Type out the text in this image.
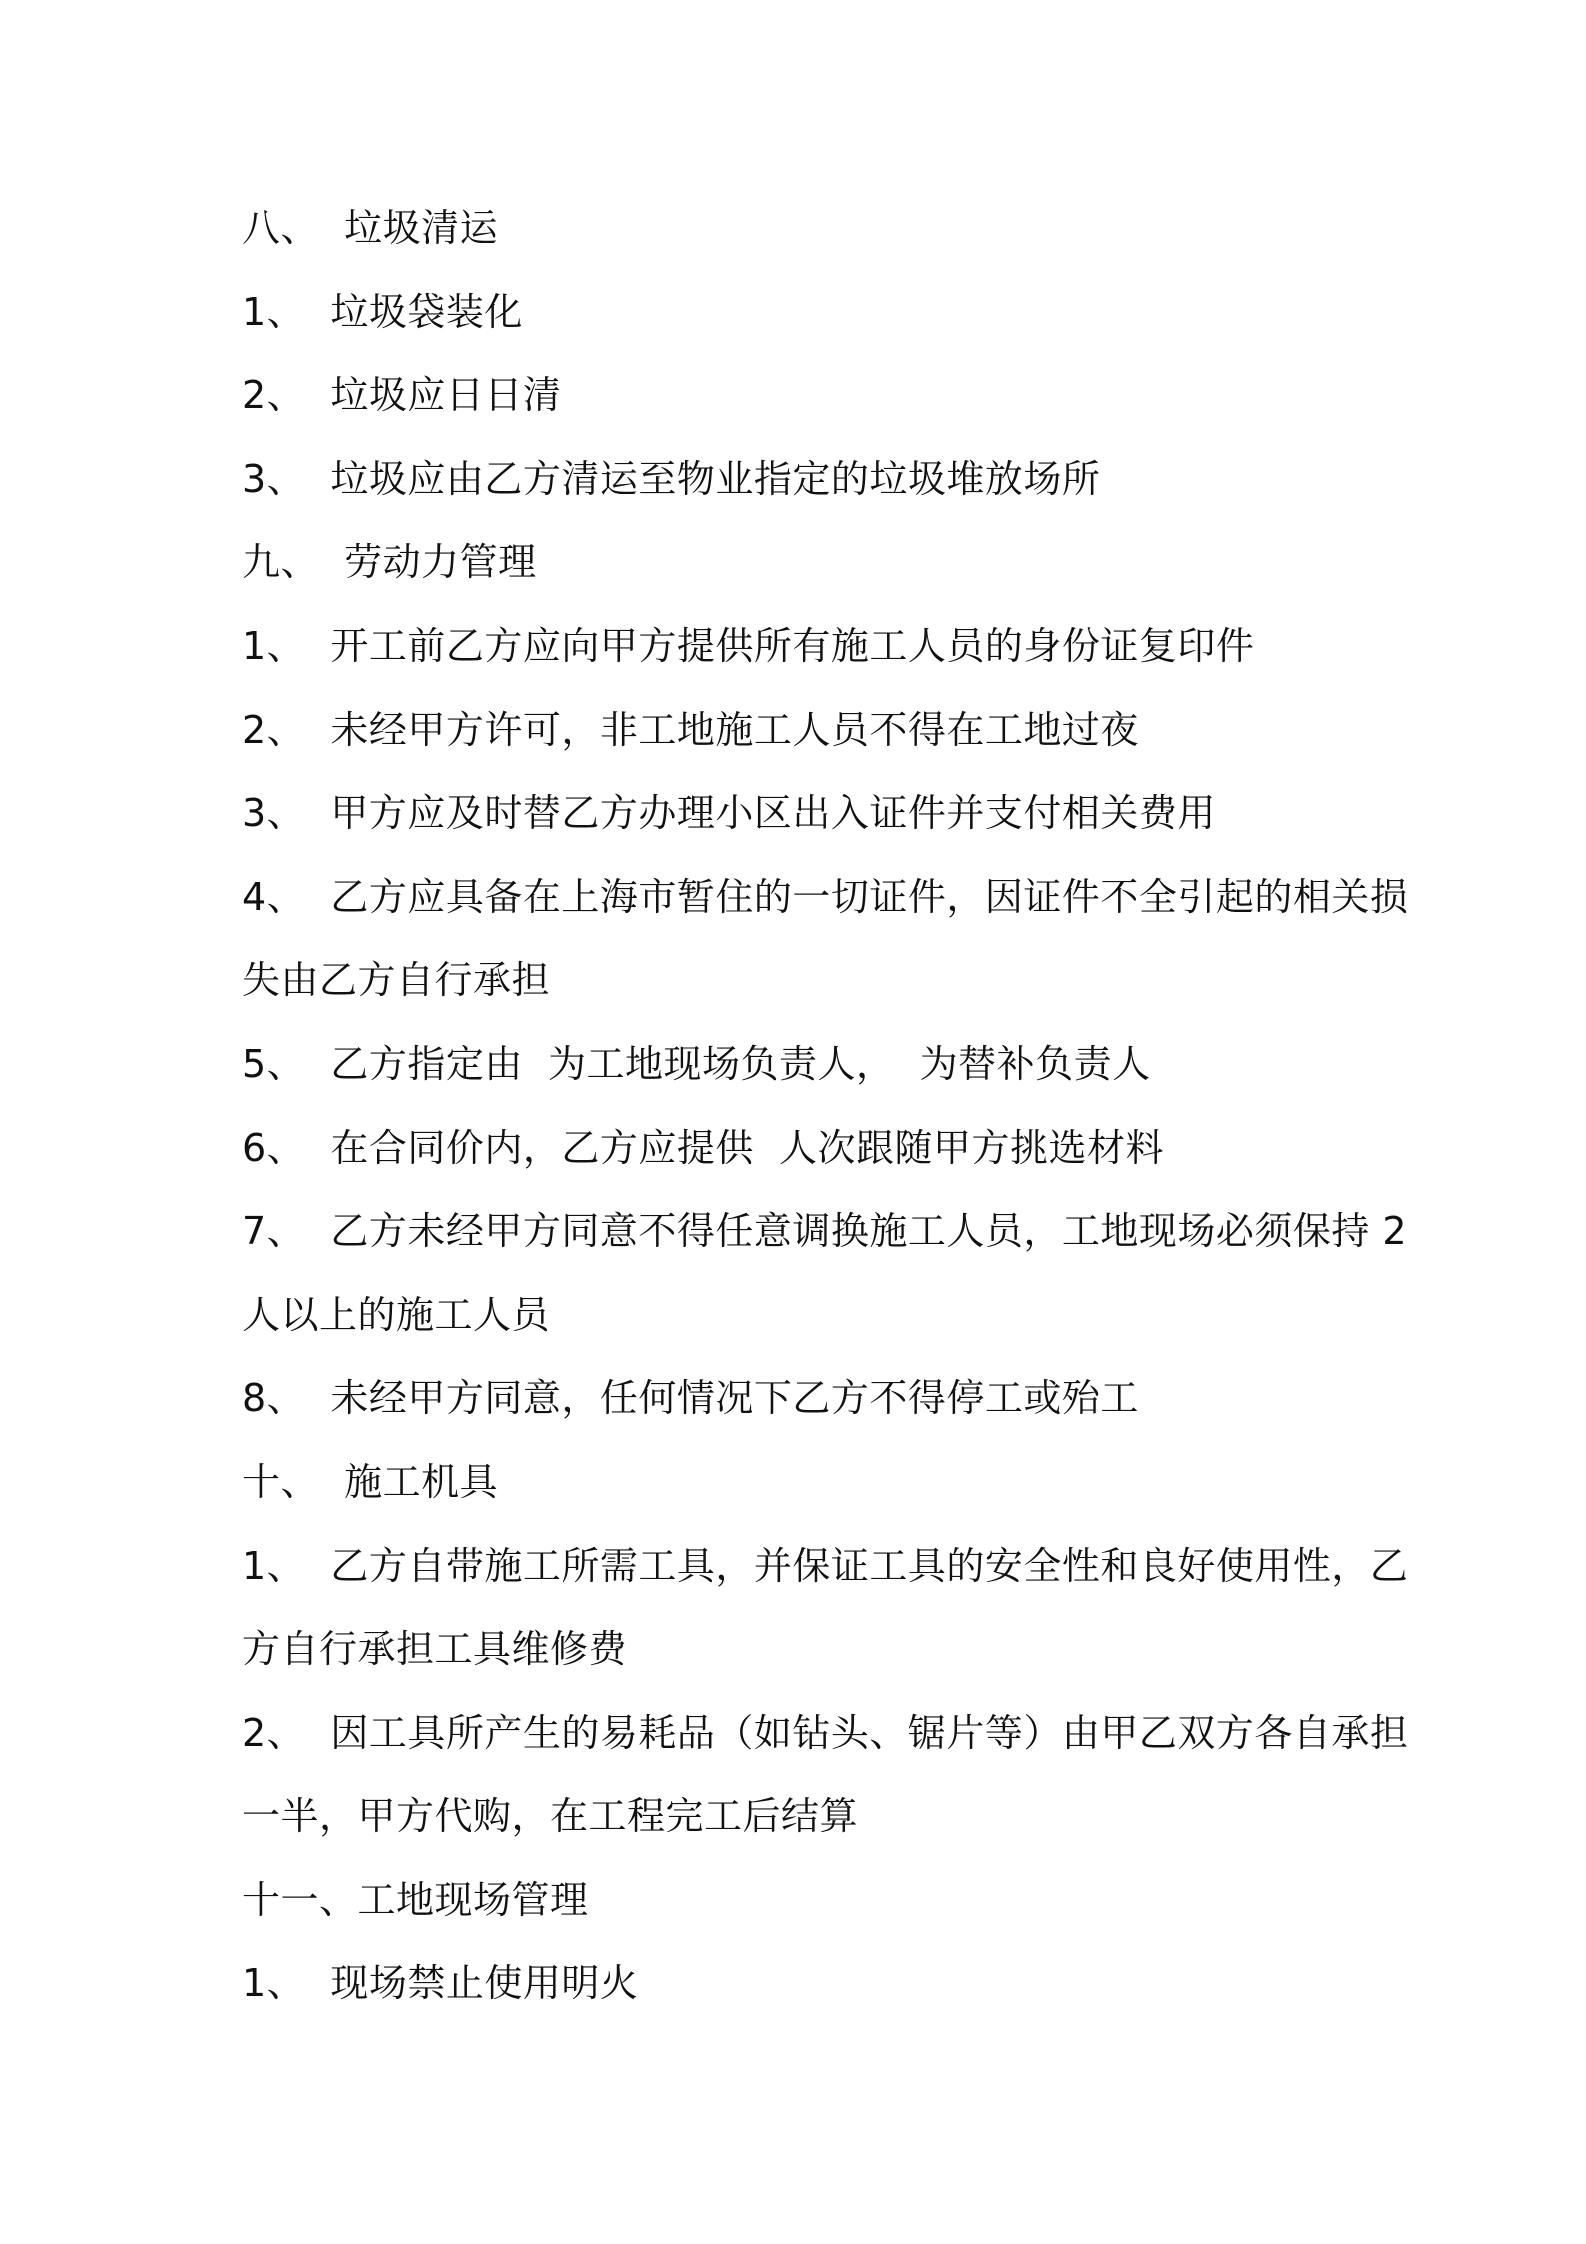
八、  垃圾清运
1、  垃圾袋装化
2、  垃圾应日日清
3、  垃圾应由乙方清运至物业指定的垃圾堆放场所
九、  劳动力管理
1、  开工前乙方应向甲方提供所有施工人员的身份证复印件
2、  未经甲方许可，非工地施工人员不得在工地过夜
3、  甲方应及时替乙方办理小区出入证件并支付相关费用
4、  乙方应具备在上海市暂住的一切证件，因证件不全引起的相关损
失由乙方自行承担
5、  乙方指定由  为工地现场负责人，  为替补负责人
6、  在合同价内，乙方应提供  人次跟随甲方挑选材料
7、  乙方未经甲方同意不得任意调换施工人员，工地现场必须保持 2
人以上的施工人员
8、  未经甲方同意，任何情况下乙方不得停工或殆工
十、  施工机具
1、  乙方自带施工所需工具，并保证工具的安全性和良好使用性，乙
方自行承担工具维修费
2、  因工具所产生的易耗品（如钻头、锯片等）由甲乙双方各自承担
一半，甲方代购，在工程完工后结算
十一、工地现场管理
1、  现场禁止使用明火
